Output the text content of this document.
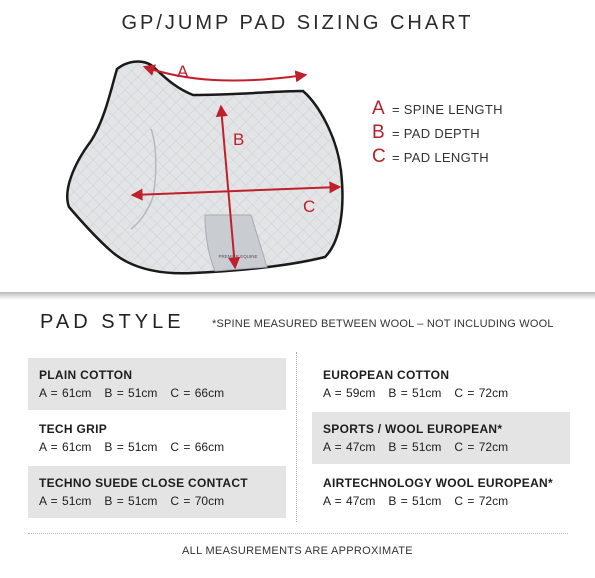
GP/JUMP PAD SIZING CHART
PREMIER EQUINE
A
B
C
A = SPINE LENGTH
B = PAD DEPTH
C = PAD LENGTH
PAD STYLE *SPINE MEASURED BETWEEN WOOL – NOT INCLUDING WOOL
PLAIN COTTON
A = 61cm B = 51cm C = 66cm
TECH GRIP
A = 61cm B = 51cm C = 66cm
TECHNO SUEDE CLOSE CONTACT
A = 51cm B = 51cm C = 70cm
EUROPEAN COTTON
A = 59cm B = 51cm C = 72cm
SPORTS / WOOL EUROPEAN*
A = 47cm B = 51cm C = 72cm
AIRTECHNOLOGY WOOL EUROPEAN*
A = 47cm B = 51cm C = 72cm
ALL MEASUREMENTS ARE APPROXIMATE
